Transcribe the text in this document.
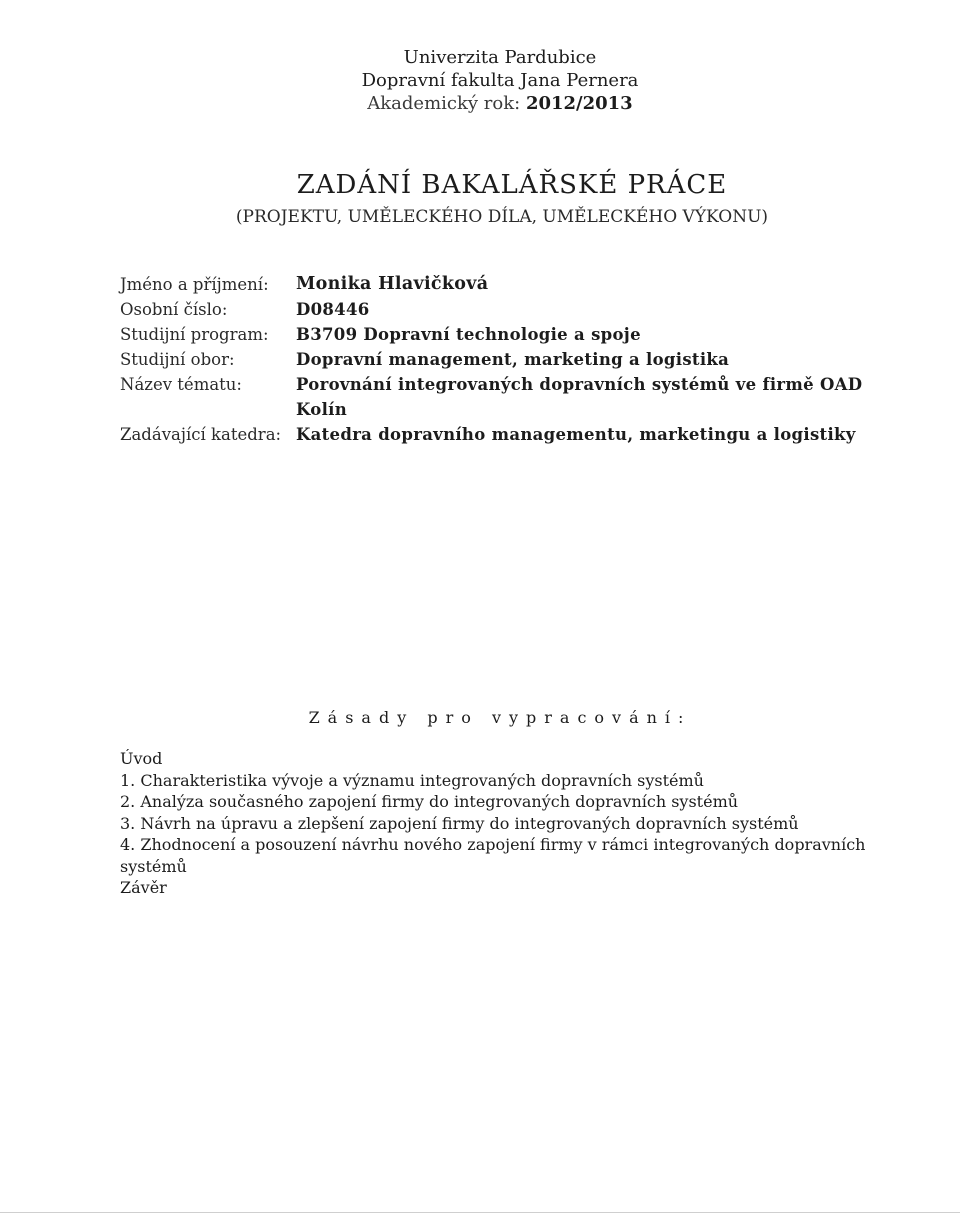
Univerzita Pardubice
Dopravní fakulta Jana Pernera
Akademický rok: 2012/2013
ZADÁNÍ BAKALÁŘSKÉ PRÁCE
(PROJEKTU, UMĚLECKÉHO DÍLA, UMĚLECKÉHO VÝKONU)
Jméno a příjmení:	Monika Hlavičková
Osobní číslo:	D08446
Studijní program:	B3709 Dopravní technologie a spoje
Studijní obor:	Dopravní management, marketing a logistika
Název tématu:	Porovnání integrovaných dopravních systémů ve firmě OAD Kolín
Zadávající katedra: Katedra dopravního managementu, marketingu a logistiky
Zásady pro vypracování:
Úvod
1. Charakteristika vývoje a významu integrovaných dopravních systémů
2. Analýza současného zapojení firmy do integrovaných dopravních systémů
3. Návrh na úpravu a zlepšení zapojení firmy do integrovaných dopravních systémů
4. Zhodnocení a posouzení návrhu nového zapojení firmy v rámci integrovaných dopravních systémů
Závěr
